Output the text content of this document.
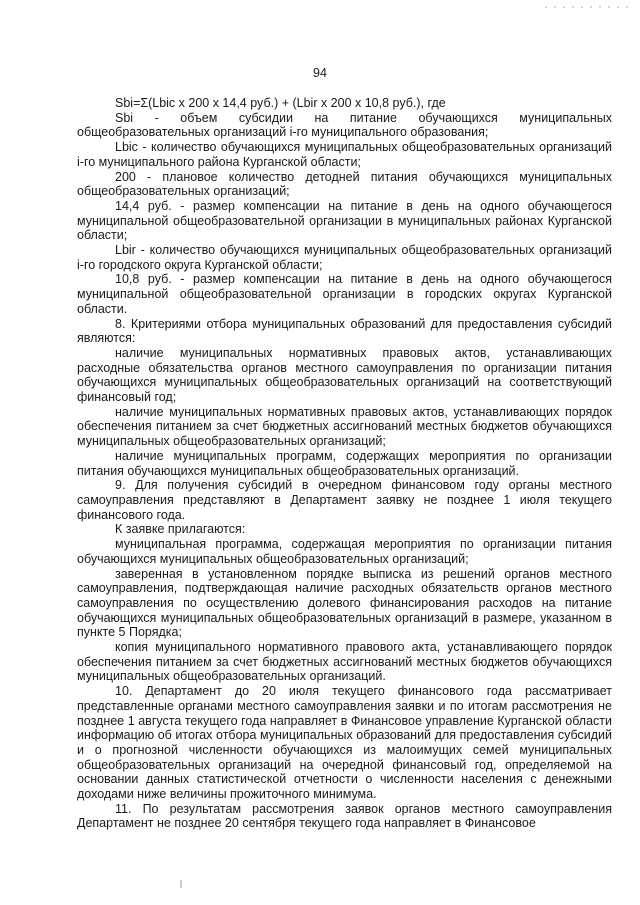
94

Sbi=Σ(Lbic х 200 х 14,4 руб.) + (Lbir х 200 х 10,8 руб.), где

Sbi - объем субсидии на питание обучающихся муниципальных общеобразовательных организаций i-го муниципального образования;

Lbic - количество обучающихся муниципальных общеобразовательных организаций i-го муниципального района Курганской области;

200 - плановое количество детодней питания обучающихся муниципальных общеобразовательных организаций;

14,4 руб. - размер компенсации на питание в день на одного обучающегося муниципальной общеобразовательной организации в муниципальных районах Курганской области;

Lbir - количество обучающихся муниципальных общеобразовательных организаций i-го городского округа Курганской области;

10,8 руб. - размер компенсации на питание в день на одного обучающегося муниципальной общеобразовательной организации в городских округах Курганской области.

8. Критериями отбора муниципальных образований для предоставления субсидий являются:

наличие муниципальных нормативных правовых актов, устанавливающих расходные обязательства органов местного самоуправления по организации питания обучающихся муниципальных общеобразовательных организаций на соответствующий финансовый год;

наличие муниципальных нормативных правовых актов, устанавливающих порядок обеспечения питанием за счет бюджетных ассигнований местных бюджетов обучающихся муниципальных общеобразовательных организаций;

наличие муниципальных программ, содержащих мероприятия по организации питания обучающихся муниципальных общеобразовательных организаций.

9. Для получения субсидий в очередном финансовом году органы местного самоуправления представляют в Департамент заявку не позднее 1 июля текущего финансового года.

К заявке прилагаются:

муниципальная программа, содержащая мероприятия по организации питания обучающихся муниципальных общеобразовательных организаций;

заверенная в установленном порядке выписка из решений органов местного самоуправления, подтверждающая наличие расходных обязательств органов местного самоуправления по осуществлению долевого финансирования расходов на питание обучающихся муниципальных общеобразовательных организаций в размере, указанном в пункте 5 Порядка;

копия муниципального нормативного правового акта, устанавливающего порядок обеспечения питанием за счет бюджетных ассигнований местных бюджетов обучающихся муниципальных общеобразовательных организаций.

10. Департамент до 20 июля текущего финансового года рассматривает представленные органами местного самоуправления заявки и по итогам рассмотрения не позднее 1 августа текущего года направляет в Финансовое управление Курганской области информацию об итогах отбора муниципальных образований для предоставления субсидий и о прогнозной численности обучающихся из малоимущих семей муниципальных общеобразовательных организаций на очередной финансовый год, определяемой на основании данных статистической отчетности о численности населения с денежными доходами ниже величины прожиточного минимума.

11. По результатам рассмотрения заявок органов местного самоуправления Департамент не позднее 20 сентября текущего года направляет в Финансовое
